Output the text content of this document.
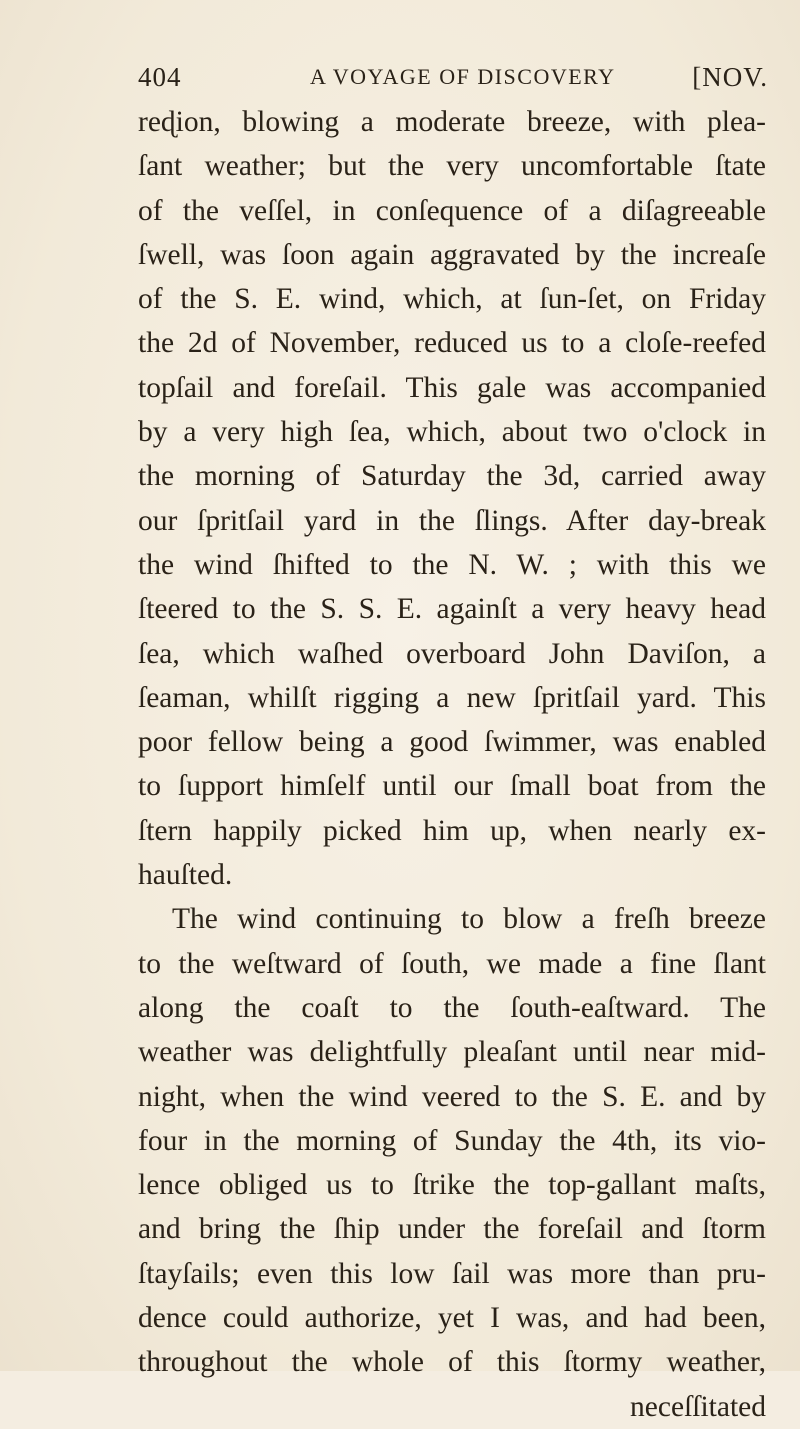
404	A VOYAGE OF DISCOVERY	[NOV.
reɖion, blowing a moderate breeze, with plea-
ſant weather; but the very uncomfortable ſtate
of the veſſel, in conſequence of a diſagreeable
ſwell, was ſoon again aggravated by the increaſe
of the S. E. wind, which, at ſun-ſet, on Friday
the 2d of November, reduced us to a cloſe-reefed
topſail and foreſail. This gale was accompanied
by a very high ſea, which, about two o'clock in
the morning of Saturday the 3d, carried away
our ſpritſail yard in the ſlings. After day-break
the wind ſhifted to the N. W. ; with this we
ſteered to the S. S. E. againſt a very heavy head
ſea, which waſhed overboard John Daviſon, a
ſeaman, whilſt rigging a new ſpritſail yard. This
poor fellow being a good ſwimmer, was enabled
to ſupport himſelf until our ſmall boat from the
ſtern happily picked him up, when nearly ex-
hauſted.
The wind continuing to blow a freſh breeze
to the weſtward of ſouth, we made a fine ſlant
along the coaſt to the ſouth-eaſtward. The
weather was delightfully pleaſant until near mid-
night, when the wind veered to the S. E. and by
four in the morning of Sunday the 4th, its vio-
lence obliged us to ſtrike the top-gallant maſts,
and bring the ſhip under the foreſail and ſtorm
ſtayſails; even this low ſail was more than pru-
dence could authorize, yet I was, and had been,
throughout the whole of this ſtormy weather,
neceſſitated
